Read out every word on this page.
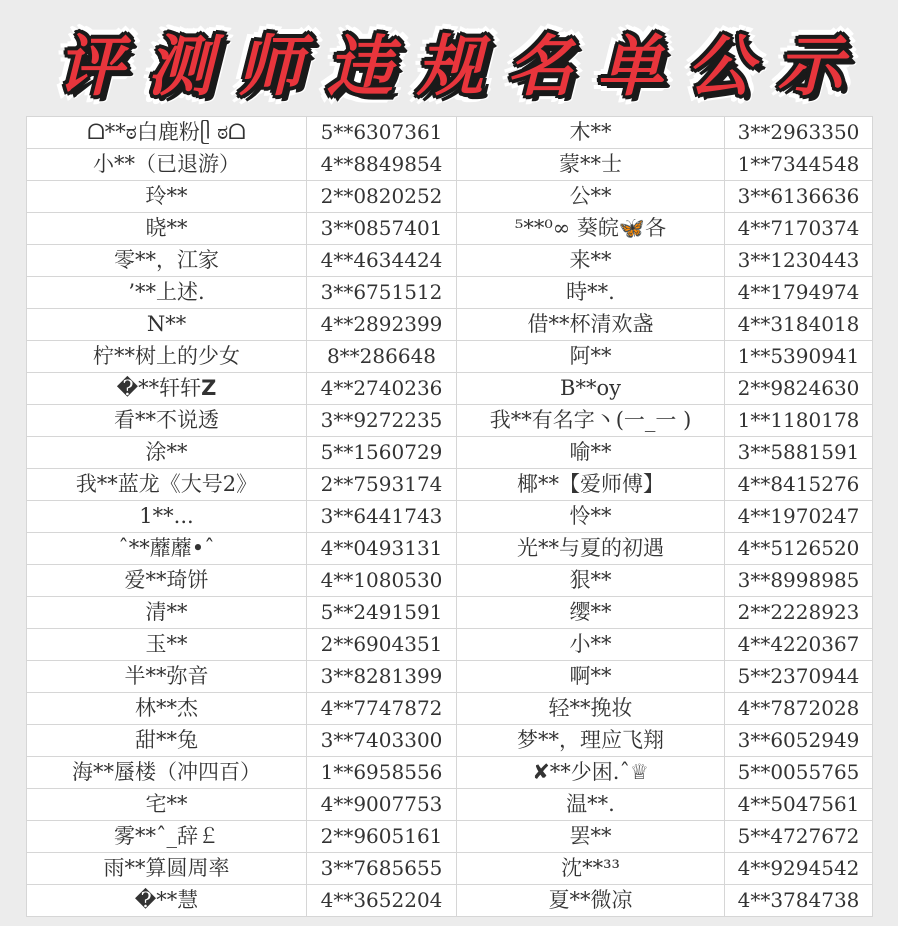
评 测 师 违 规 名 单 公 示
ᗝ**ಠ白鹿粉ᥫ ಠᗝ	5**6307361	木**	3**2963350
小**（已退游）	4**8849854	蒙**士	1**7344548
玲**	2**0820252	公**	3**6136636
晓**	3**0857401	⁵**⁰∞ 葵皖🦋各	4**7170374
零**，江家	4**4634424	来**	3**1230443
’**上述.	3**6751512	時**.	4**1794974
N**	4**2892399	借**杯清欢盏	4**3184018
柠**树上的少女	8**286648	阿**	1**5390941
�**轩轩𝗭	4**2740236	B**oy	2**9824630
看**不说透	3**9272235	我**有名字丶(一_一 )	1**1180178
涂**	5**1560729	喻**	3**5881591
我**蓝龙《大号2》	2**7593174	椰**【爱师傅】	4**8415276
1**...	3**6441743	怜**	4**1970247
ˆ**蘼蘼•ˆ	4**0493131	光**与夏的初遇	4**5126520
爱**琦饼	4**1080530	狠**	3**8998985
清**	5**2491591	缨**	2**2228923
玉**	2**6904351	小**	4**4220367
半**弥音	3**8281399	啊**	5**2370944
林**杰	4**7747872	轻**挽妆	4**7872028
甜**兔	3**7403300	梦**，理应飞翔	3**6052949
海**蜃楼（冲四百）	1**6958556	✘**少困.ˆ♕	5**0055765
宅**	4**9007753	温**.	4**5047561
雾**ˆ_辞￡	2**9605161	罢**	5**4727672
雨**算圆周率	3**7685655	沈**³³	4**9294542
�**慧	4**3652204	夏**微凉	4**3784738
